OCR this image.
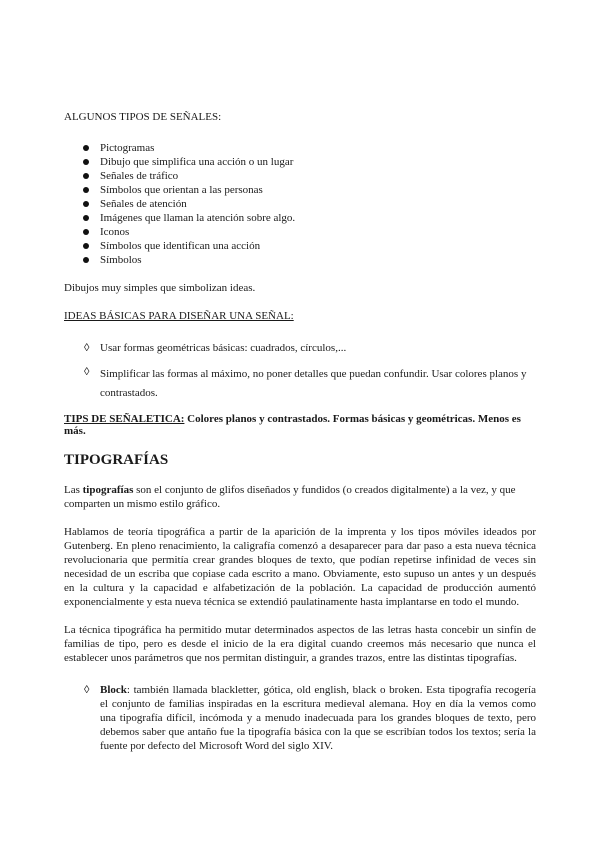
ALGUNOS TIPOS DE SEÑALES:

Pictogramas
Dibujo que simplifica una acción o un lugar
Señales de tráfico
Símbolos que orientan a las personas
Señales de atención
Imágenes que llaman la atención sobre algo.
Iconos
Símbolos que identifican una acción
Símbolos

Dibujos muy simples que simbolizan ideas.

IDEAS BÁSICAS PARA DISEÑAR UNA SEÑAL:

◊ Usar formas geométricas básicas: cuadrados, círculos,...
◊ Simplificar las formas al máximo, no poner detalles que puedan confundir. Usar colores planos y contrastados.

TIPS DE SEÑALETICA: Colores planos y contrastados. Formas básicas y geométricas. Menos es más.

TIPOGRAFÍAS

Las tipografías son el conjunto de glifos diseñados y fundidos (o creados digitalmente) a la vez, y que comparten un mismo estilo gráfico.

Hablamos de teoría tipográfica a partir de la aparición de la imprenta y los tipos móviles ideados por Gutenberg. En pleno renacimiento, la caligrafía comenzó a desaparecer para dar paso a esta nueva técnica revolucionaria que permitía crear grandes bloques de texto, que podían repetirse infinidad de veces sin necesidad de un escriba que copiase cada escrito a mano. Obviamente, esto supuso un antes y un después en la cultura y la capacidad e alfabetización de la población. La capacidad de producción aumentó exponencialmente y esta nueva técnica se extendió paulatinamente hasta implantarse en todo el mundo.

La técnica tipográfica ha permitido mutar determinados aspectos de las letras hasta concebir un sinfín de familias de tipo, pero es desde el inicio de la era digital cuando creemos más necesario que nunca el establecer unos parámetros que nos permitan distinguir, a grandes trazos, entre las distintas tipografías.

◊ Block: también llamada blackletter, gótica, old english, black o broken. Esta tipografía recogería el conjunto de familias inspiradas en la escritura medieval alemana. Hoy en día la vemos como una tipografía difícil, incómoda y a menudo inadecuada para los grandes bloques de texto, pero debemos saber que antaño fue la tipografía básica con la que se escribían todos los textos; sería la fuente por defecto del Microsoft Word del siglo XIV.
